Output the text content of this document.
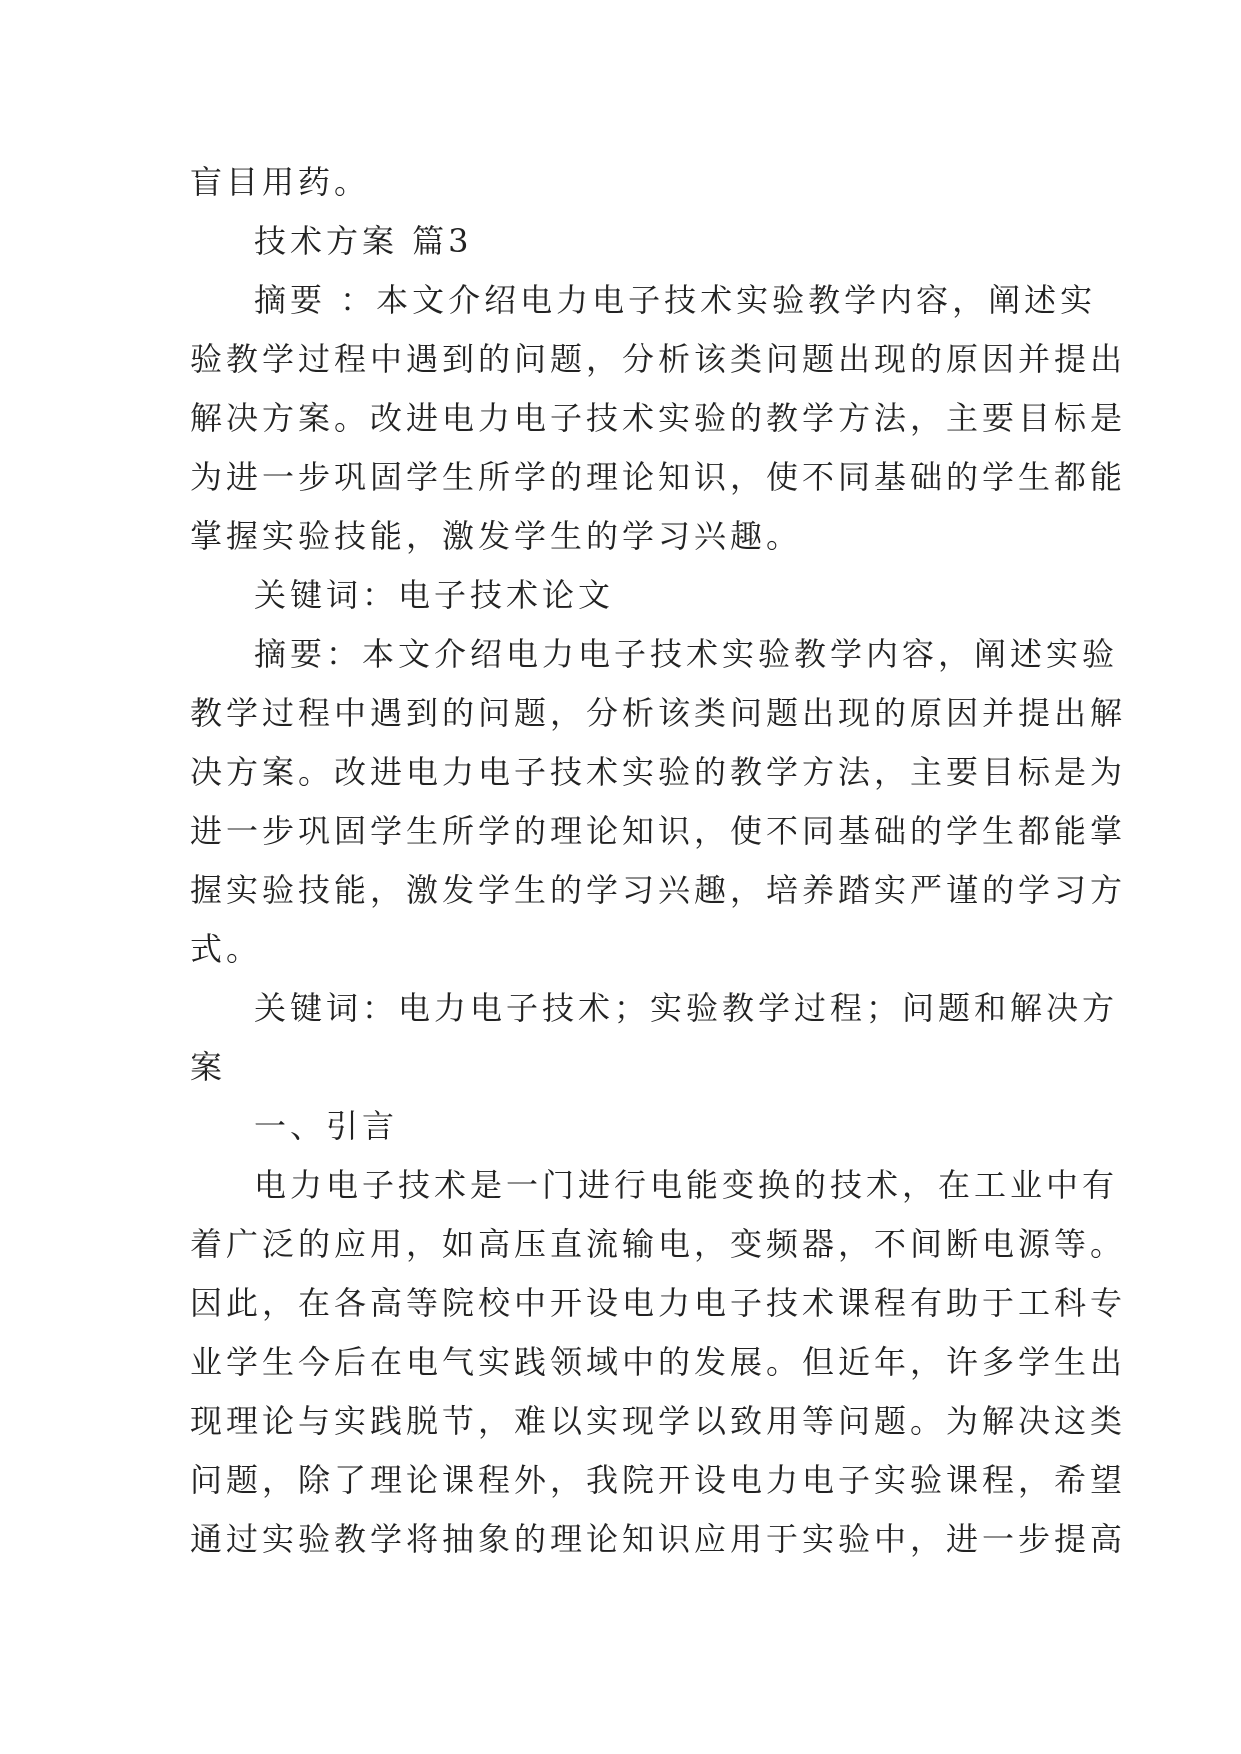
盲目用药。
技术方案 篇3
摘要 ：本文介绍电力电子技术实验教学内容，阐述实
验教学过程中遇到的问题，分析该类问题出现的原因并提出
解决方案。改进电力电子技术实验的教学方法，主要目标是
为进一步巩固学生所学的理论知识，使不同基础的学生都能
掌握实验技能，激发学生的学习兴趣。
关键词：电子技术论文
摘要：本文介绍电力电子技术实验教学内容，阐述实验
教学过程中遇到的问题，分析该类问题出现的原因并提出解
决方案。改进电力电子技术实验的教学方法，主要目标是为
进一步巩固学生所学的理论知识，使不同基础的学生都能掌
握实验技能，激发学生的学习兴趣，培养踏实严谨的学习方
式。
关键词：电力电子技术；实验教学过程；问题和解决方
案
一、引言
电力电子技术是一门进行电能变换的技术，在工业中有
着广泛的应用，如高压直流输电，变频器，不间断电源等。
因此，在各高等院校中开设电力电子技术课程有助于工科专
业学生今后在电气实践领域中的发展。但近年，许多学生出
现理论与实践脱节，难以实现学以致用等问题。为解决这类
问题，除了理论课程外，我院开设电力电子实验课程，希望
通过实验教学将抽象的理论知识应用于实验中，进一步提高
